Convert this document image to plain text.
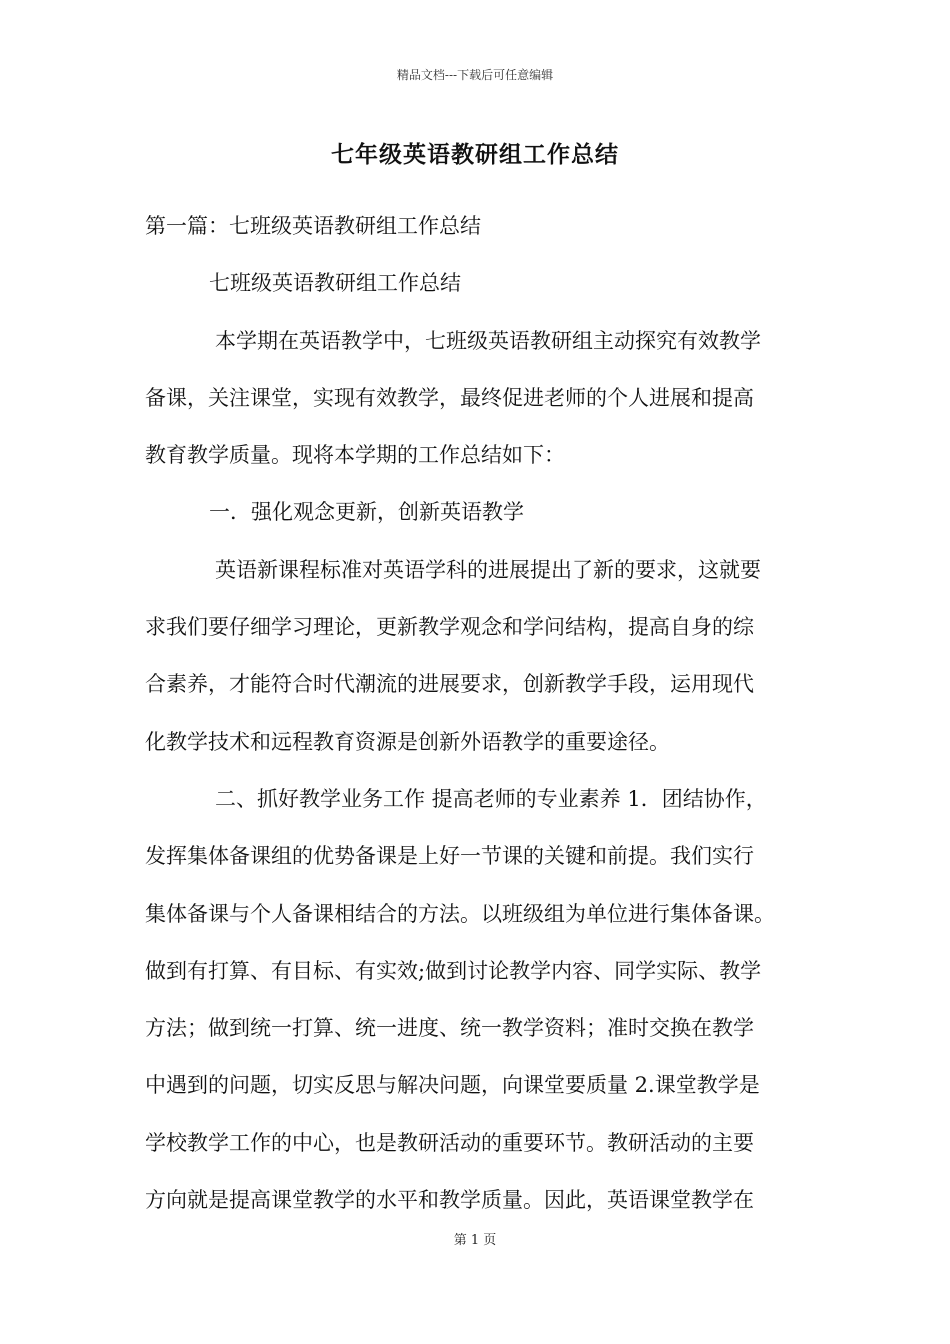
精品文档---下载后可任意编辑
七年级英语教研组工作总结
第一篇：七班级英语教研组工作总结
七班级英语教研组工作总结
本学期在英语教学中，七班级英语教研组主动探究有效教学
备课，关注课堂，实现有效教学，最终促进老师的个人进展和提高
教育教学质量。现将本学期的工作总结如下：
一．强化观念更新，创新英语教学
英语新课程标准对英语学科的进展提出了新的要求，这就要
求我们要仔细学习理论，更新教学观念和学问结构，提高自身的综
合素养，才能符合时代潮流的进展要求，创新教学手段，运用现代
化教学技术和远程教育资源是创新外语教学的重要途径。
二、抓好教学业务工作 提高老师的专业素养 1．团结协作，
发挥集体备课组的优势备课是上好一节课的关键和前提。我们实行
集体备课与个人备课相结合的方法。以班级组为单位进行集体备课。
做到有打算、有目标、有实效;做到讨论教学内容、同学实际、教学
方法；做到统一打算、统一进度、统一教学资料；准时交换在教学
中遇到的问题，切实反思与解决问题，向课堂要质量 2.课堂教学是
学校教学工作的中心，也是教研活动的重要环节。教研活动的主要
方向就是提高课堂教学的水平和教学质量。因此，英语课堂教学在
第 1 页
